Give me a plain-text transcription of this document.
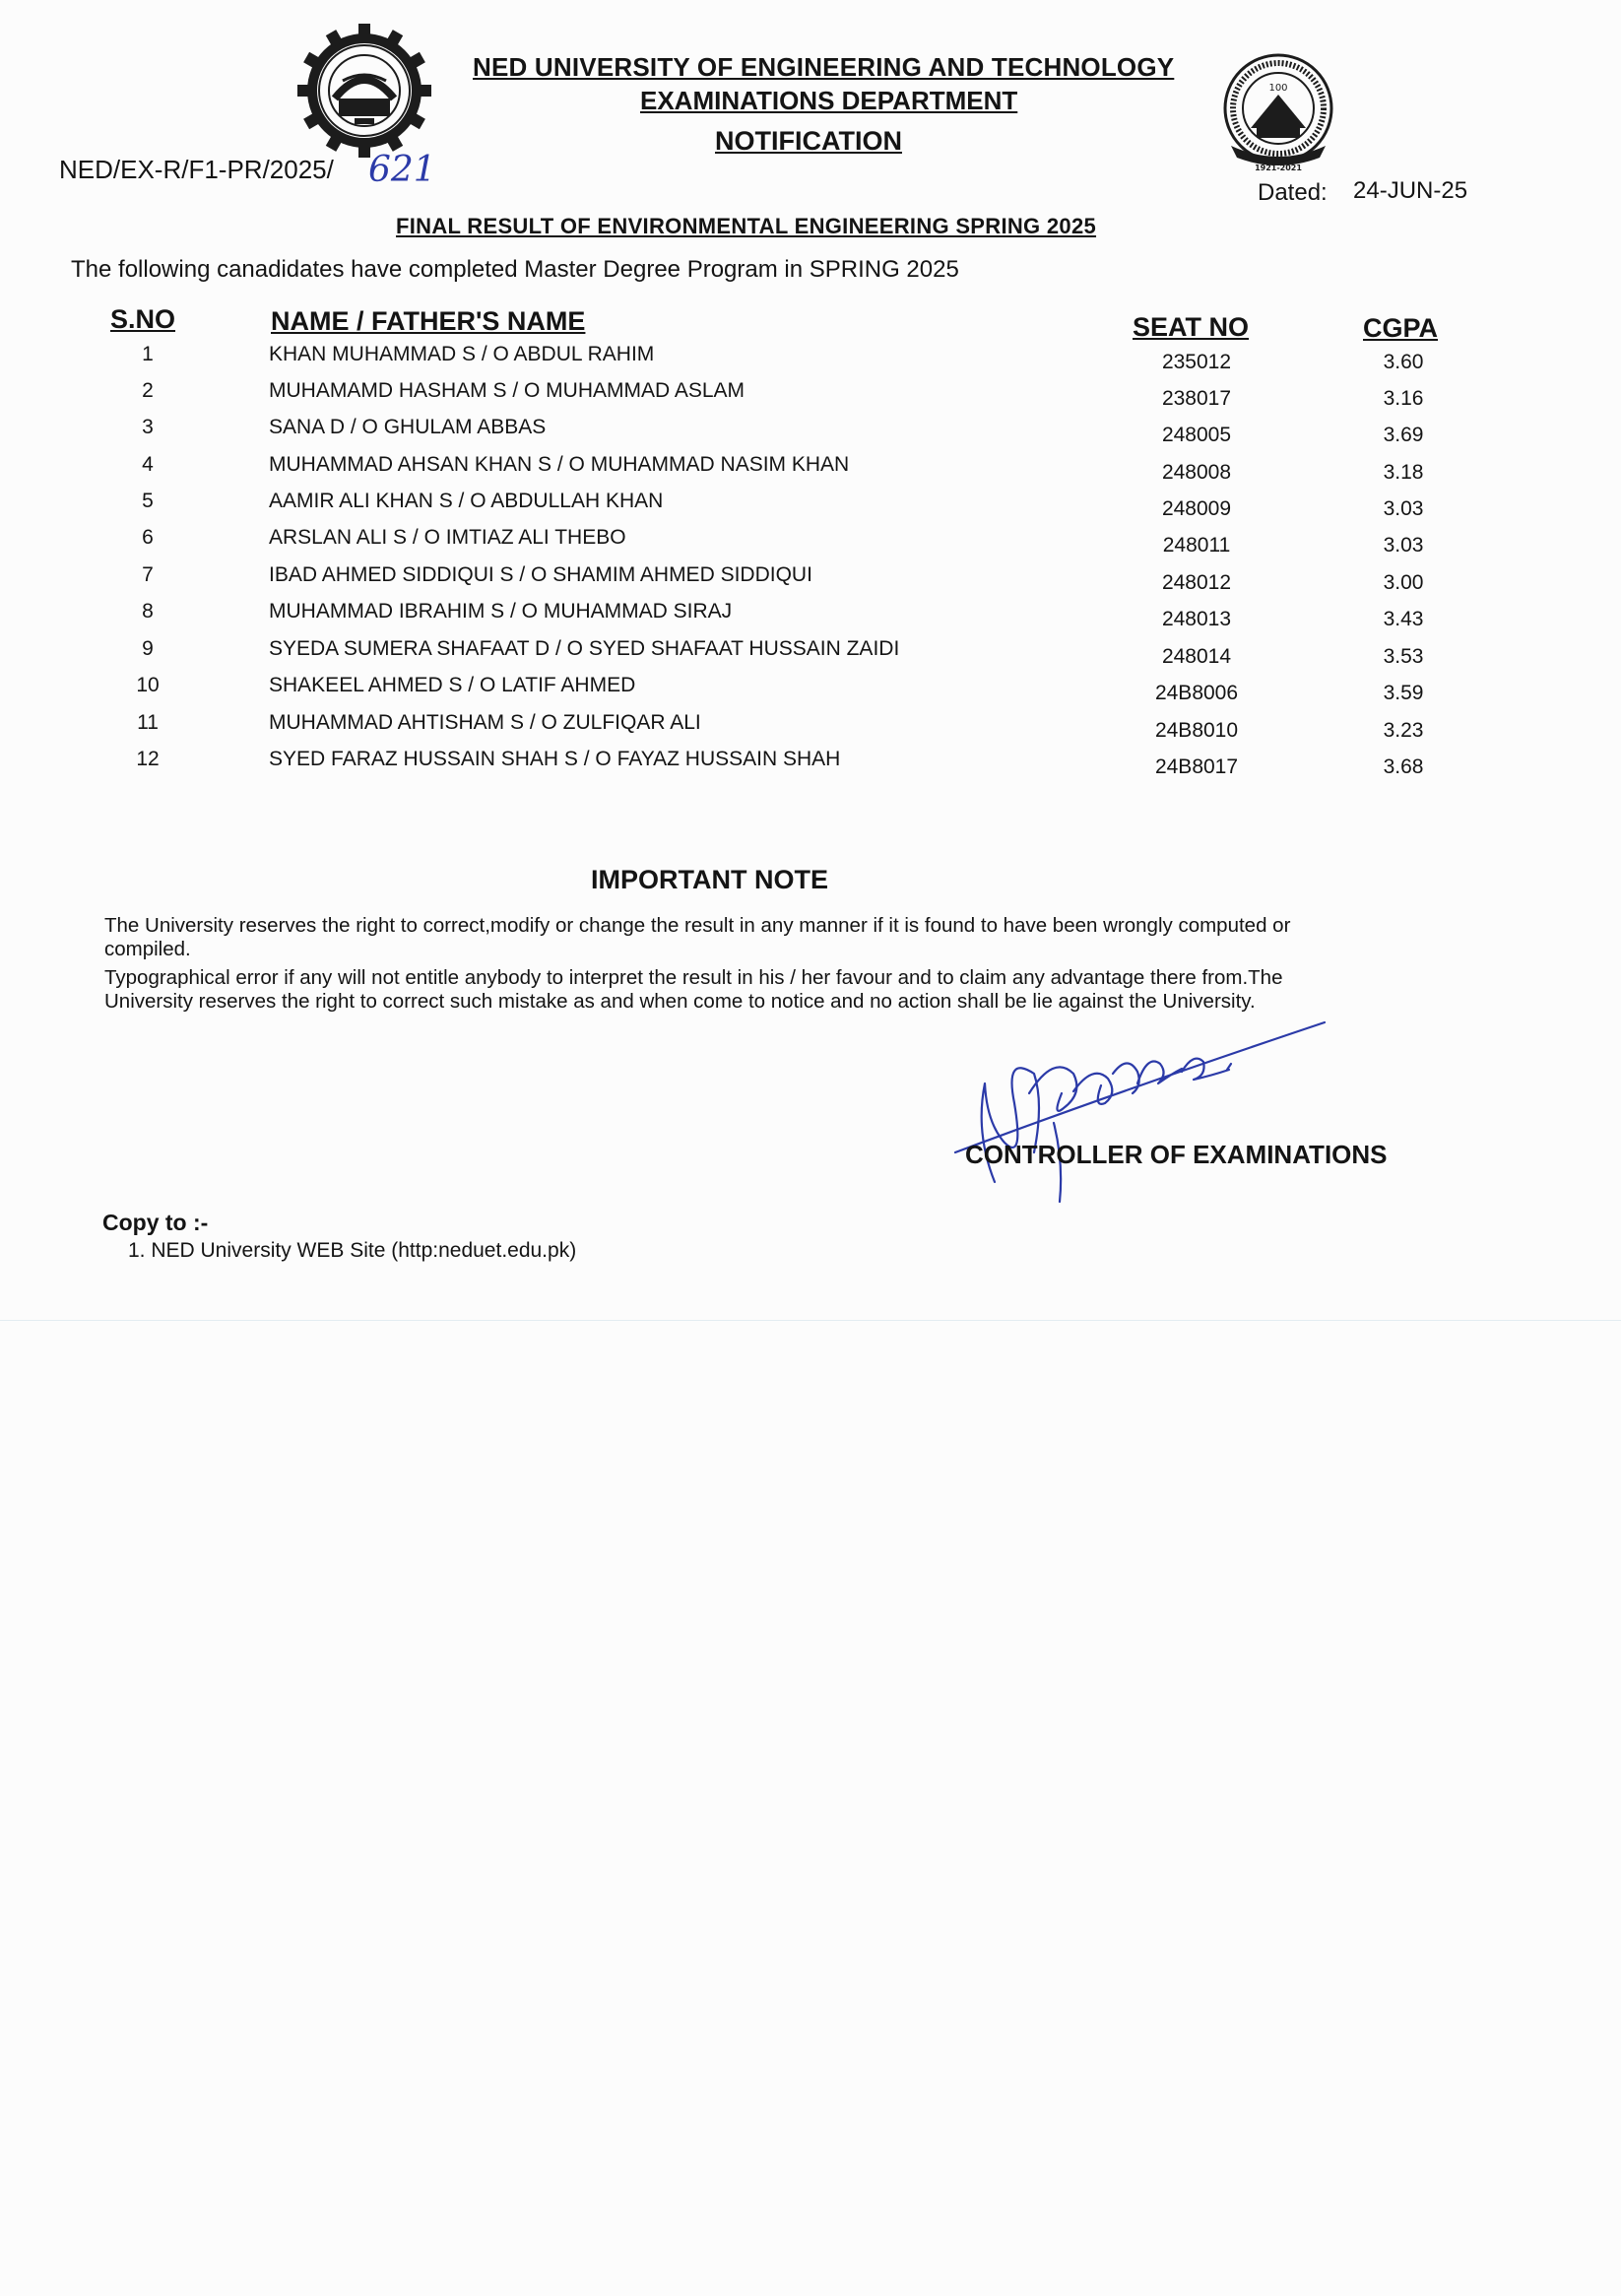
100
1921-2021
NED UNIVERSITY OF ENGINEERING AND TECHNOLOGY
EXAMINATIONS DEPARTMENT
NOTIFICATION
NED/EX-R/F1-PR/2025/ 621
Dated: 24-JUN-25
FINAL RESULT OF ENVIRONMENTAL ENGINEERING SPRING 2025
The following canadidates have completed Master Degree Program in SPRING 2025
S.NO	NAME / FATHER'S NAME	SEAT NO	CGPA
1	KHAN MUHAMMAD S / O ABDUL RAHIM	235012	3.60
2	MUHAMAMD HASHAM S / O MUHAMMAD ASLAM	238017	3.16
3	SANA D / O GHULAM ABBAS	248005	3.69
4	MUHAMMAD AHSAN KHAN S / O MUHAMMAD NASIM KHAN	248008	3.18
5	AAMIR ALI KHAN S / O ABDULLAH KHAN	248009	3.03
6	ARSLAN ALI S / O IMTIAZ ALI THEBO	248011	3.03
7	IBAD AHMED SIDDIQUI S / O SHAMIM AHMED SIDDIQUI	248012	3.00
8	MUHAMMAD IBRAHIM S / O MUHAMMAD SIRAJ	248013	3.43
9	SYEDA SUMERA SHAFAAT D / O SYED SHAFAAT HUSSAIN ZAIDI	248014	3.53
10	SHAKEEL AHMED S / O LATIF AHMED	24B8006	3.59
11	MUHAMMAD AHTISHAM S / O ZULFIQAR ALI	24B8010	3.23
12	SYED FARAZ HUSSAIN SHAH S / O FAYAZ HUSSAIN SHAH	24B8017	3.68
IMPORTANT NOTE
The University reserves the right to correct,modify or change the result in any manner if it is found to have been wrongly computed or compiled.
Typographical error if any will not entitle anybody to interpret the result in his / her favour and to claim any advantage there from.The University reserves the right to correct such mistake as and when come to notice and no action shall be lie against the University.
CONTROLLER OF EXAMINATIONS
Copy to :-
1. NED University WEB Site (http:neduet.edu.pk)
